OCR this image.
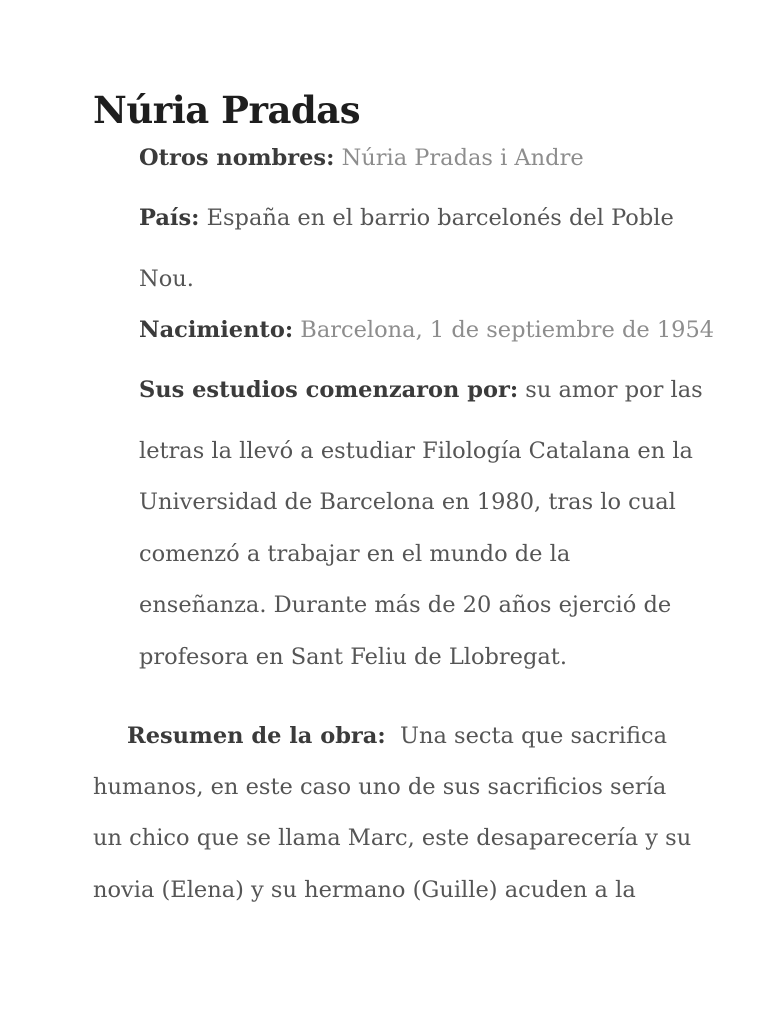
Núria Pradas
Otros nombres: Núria Pradas i Andre
País: España en el barrio barcelonés del Poble
Nou.
Nacimiento: Barcelona, 1 de septiembre de 1954
Sus estudios comenzaron por: su amor por las
letras la llevó a estudiar Filología Catalana en la
Universidad de Barcelona en 1980, tras lo cual
comenzó a trabajar en el mundo de la
enseñanza. Durante más de 20 años ejerció de
profesora en Sant Feliu de Llobregat.
Resumen de la obra: Una secta que sacrifica
humanos, en este caso uno de sus sacrificios sería
un chico que se llama Marc, este desaparecería y su
novia (Elena) y su hermano (Guille) acuden a la
